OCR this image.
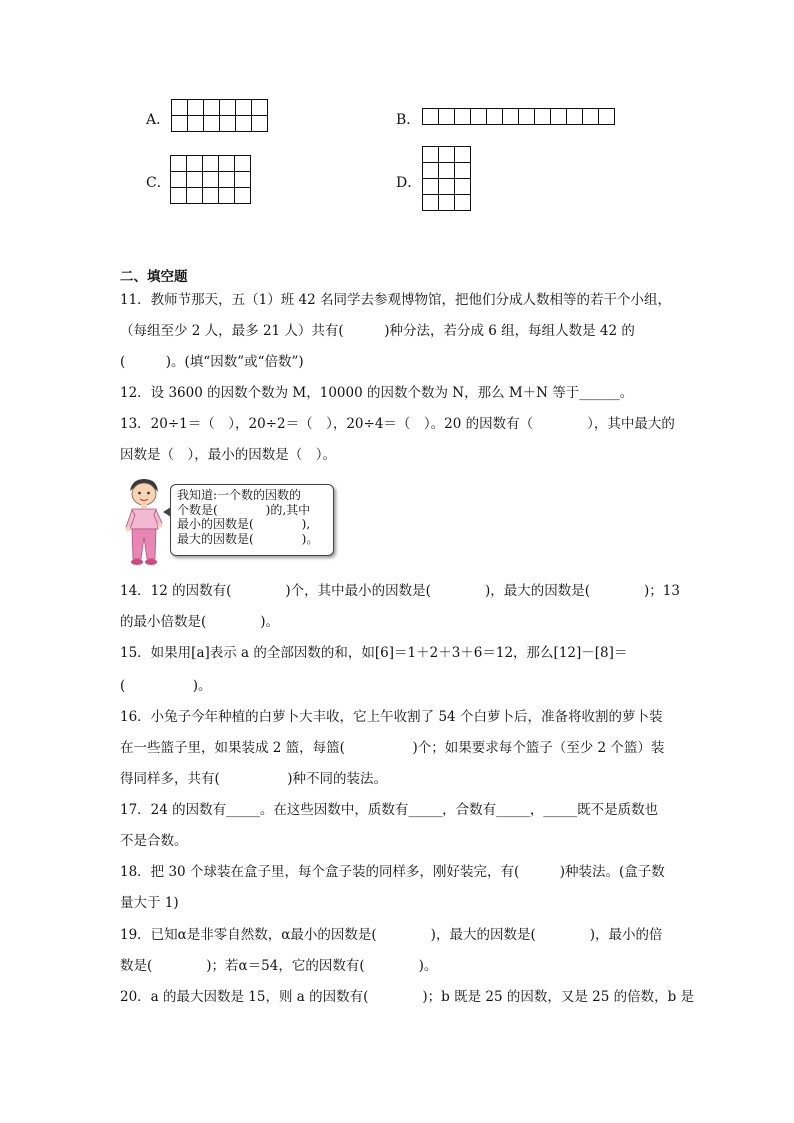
A．

						B．

C．

					D．

二、填空题
11．教师节那天，五（1）班 42 名同学去参观博物馆，把他们分成人数相等的若干个小组，
（每组至少 2 人，最多 21 人）共有(　　　)种分法，若分成 6 组，每组人数是 42 的
(　　　)。(填“因数”或“倍数”)
12．设 3600 的因数个数为 M，10000 的因数个数为 N，那么 M＋N 等于______。
13．20÷1＝（　），20÷2＝（　），20÷4＝（　）。20 的因数有（　　　　），其中最大的
因数是（　），最小的因数是（　）。
我知道:一个数的因数的
个数是(　　　　)的,其中
最小的因数是(　　　　),
最大的因数是(　　　　)。
14．12 的因数有(　　　　)个，其中最小的因数是(　　　　)，最大的因数是(　　　　)；13
的最小倍数是(　　　　)。
15．如果用[a]表示 a 的全部因数的和，如[6]＝1＋2＋3＋6＝12，那么[12]－[8]＝
(　　　　　)。
16．小兔子今年种植的白萝卜大丰收，它上午收割了 54 个白萝卜后，准备将收割的萝卜装
在一些篮子里，如果装成 2 篮，每篮(　　　　　)个；如果要求每个篮子（至少 2 个篮）装
得同样多，共有(　　　　　)种不同的装法。
17．24 的因数有_____。在这些因数中，质数有_____，合数有_____，_____既不是质数也
不是合数。
18．把 30 个球装在盒子里，每个盒子装的同样多，刚好装完，有(　　　)种装法。(盒子数
量大于 1)
19．已知α是非零自然数，α最小的因数是(　　　　)，最大的因数是(　　　　)，最小的倍
数是(　　　　)；若α＝54，它的因数有(　　　　)。
20．a 的最大因数是 15，则 a 的因数有(　　　　)；b 既是 25 的因数，又是 25 的倍数，b 是
